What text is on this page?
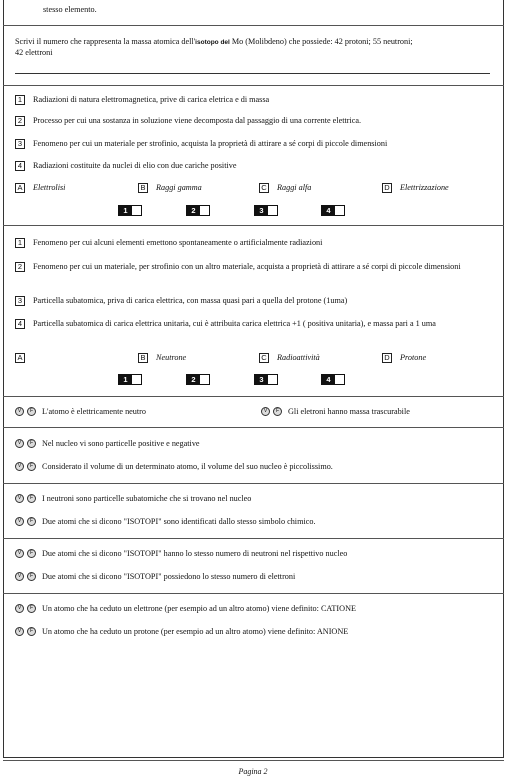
stesso elemento.
Scrivi il numero che rappresenta la massa atomica dell'isotopo del Mo (Molibdeno) che possiede: 42 protoni; 55 neutroni;
42 elettroni
1	Radiazioni di natura elettromagnetica, prive di carica eletrica e di massa
2	Processo per cui una sostanza in soluzione viene decomposta dal passaggio di una corrente elettrica.
3	Fenomeno per cui un materiale per strofinio, acquista la proprietà di attirare a sé corpi di piccole dimensioni
4	Radiazioni costituite da nuclei di elio con due cariche positive
A	Elettrolisi	B	Raggi gamma	C Raggi alfa	D Elettrizzazione
1	2	3	4
1	Fenomeno per cui alcuni elementi emettono spontaneamente o artificialmente radiazioni
2	Fenomeno per cui un materiale, per strofinio con un altro materiale, acquista a proprietà di attirare a sé corpi di piccole dimensioni
3	Particella subatomica, priva di carica elettrica, con massa quasi pari a quella del protone (1uma)
4	Particella subatomica di carica elettrica unitaria, cui è attribuita carica elettrica +1 ( positiva unitaria), e massa pari a 1 uma
A	B	Neutrone	C Radioattività	D Protone
1	2	3	4
V	F	L'atomo è elettricamente neutro	V	F	Gli eletroni hanno massa trascurabile
V	F	Nel nucleo vi sono particelle positive e negative
V	F	Considerato il volume di un determinato atomo, il volume del suo nucleo è piccolissimo.
V	F	I neutroni sono particelle subatomiche che si trovano nel nucleo
V	F	Due atomi che si dicono "ISOTOPI" sono identificati dallo stesso simbolo chimico.
V	F	Due atomi che si dicono "ISOTOPI" hanno lo stesso numero di neutroni nel rispettivo nucleo
V	F	Due atomi che si dicono "ISOTOPI" possiedono lo stesso numero di elettroni
V	F	Un atomo che ha ceduto un elettrone (per esempio ad un altro atomo) viene definito: CATIONE
V	F	Un atomo che ha ceduto un protone (per esempio ad un altro atomo) viene definito: ANIONE
Pagina 2
